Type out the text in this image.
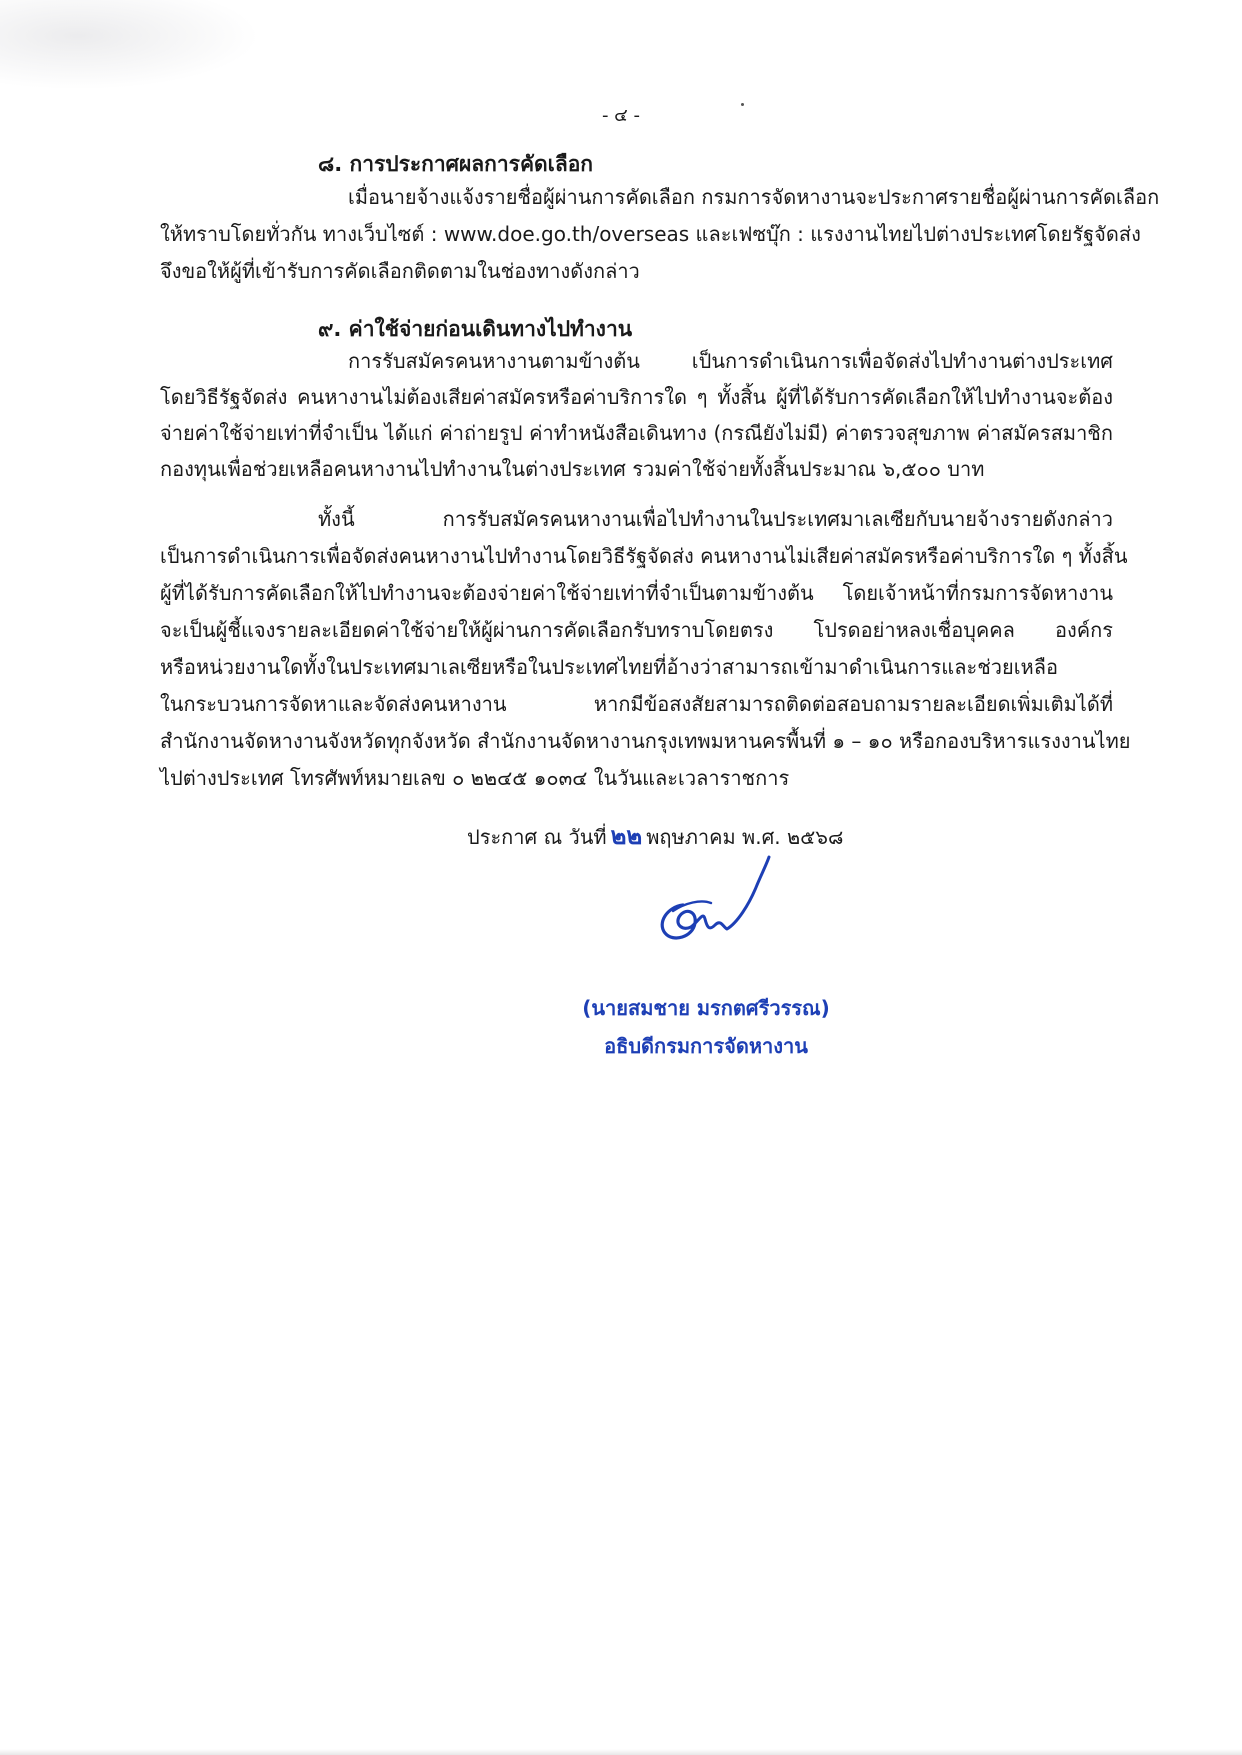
- ๔ -
๘. การประกาศผลการคัดเลือก
เมื่อนายจ้างแจ้งรายชื่อผู้ผ่านการคัดเลือก กรมการจัดหางานจะประกาศรายชื่อผู้ผ่านการคัดเลือก
ให้ทราบโดยทั่วกัน ทางเว็บไซต์ : www.doe.go.th/overseas และเฟซบุ๊ก : แรงงานไทยไปต่างประเทศโดยรัฐจัดส่ง
จึงขอให้ผู้ที่เข้ารับการคัดเลือกติดตามในช่องทางดังกล่าว
๙. ค่าใช้จ่ายก่อนเดินทางไปทำงาน
การรับสมัครคนหางานตามข้างต้น เป็นการดำเนินการเพื่อจัดส่งไปทำงานต่างประเทศ
โดยวิธีรัฐจัดส่ง คนหางานไม่ต้องเสียค่าสมัครหรือค่าบริการใด ๆ ทั้งสิ้น ผู้ที่ได้รับการคัดเลือกให้ไปทำงานจะต้อง
จ่ายค่าใช้จ่ายเท่าที่จำเป็น ได้แก่ ค่าถ่ายรูป ค่าทำหนังสือเดินทาง (กรณียังไม่มี) ค่าตรวจสุขภาพ ค่าสมัครสมาชิก
กองทุนเพื่อช่วยเหลือคนหางานไปทำงานในต่างประเทศ รวมค่าใช้จ่ายทั้งสิ้นประมาณ ๖,๕๐๐ บาท
ทั้งนี้ การรับสมัครคนหางานเพื่อไปทำงานในประเทศมาเลเซียกับนายจ้างรายดังกล่าว
เป็นการดำเนินการเพื่อจัดส่งคนหางานไปทำงานโดยวิธีรัฐจัดส่ง คนหางานไม่เสียค่าสมัครหรือค่าบริการใด ๆ ทั้งสิ้น
ผู้ที่ได้รับการคัดเลือกให้ไปทำงานจะต้องจ่ายค่าใช้จ่ายเท่าที่จำเป็นตามข้างต้น โดยเจ้าหน้าที่กรมการจัดหางาน
จะเป็นผู้ชี้แจงรายละเอียดค่าใช้จ่ายให้ผู้ผ่านการคัดเลือกรับทราบโดยตรง โปรดอย่าหลงเชื่อบุคคล องค์กร
หรือหน่วยงานใดทั้งในประเทศมาเลเซียหรือในประเทศไทยที่อ้างว่าสามารถเข้ามาดำเนินการและช่วยเหลือ
ในกระบวนการจัดหาและจัดส่งคนหางาน หากมีข้อสงสัยสามารถติดต่อสอบถามรายละเอียดเพิ่มเติมได้ที่
สำนักงานจัดหางานจังหวัดทุกจังหวัด สำนักงานจัดหางานกรุงเทพมหานครพื้นที่ ๑ – ๑๐ หรือกองบริหารแรงงานไทย
ไปต่างประเทศ โทรศัพท์หมายเลข ๐ ๒๒๔๕ ๑๐๓๔ ในวันและเวลาราชการ
ประกาศ ณ วันที่ ๒๒ พฤษภาคม พ.ศ. ๒๕๖๘
(นายสมชาย มรกตศรีวรรณ)
อธิบดีกรมการจัดหางาน
